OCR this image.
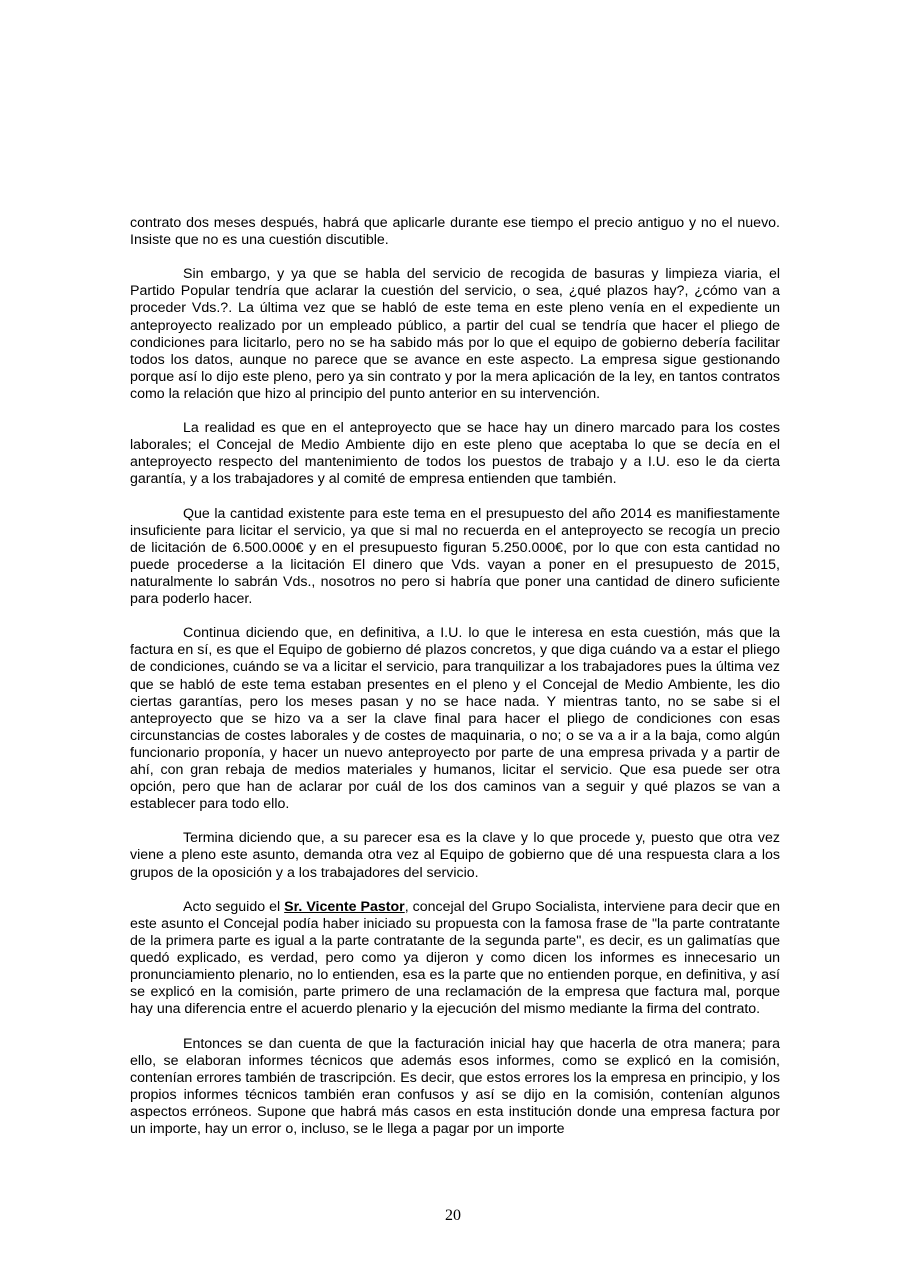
contrato dos meses después, habrá que aplicarle durante ese tiempo el precio antiguo y no el nuevo. Insiste que no es una cuestión discutible.

Sin embargo, y ya que se habla del servicio de recogida de basuras y limpieza viaria, el Partido Popular tendría que aclarar la cuestión del servicio, o sea, ¿qué plazos hay?, ¿cómo van a proceder Vds.?. La última vez que se habló de este tema en este pleno venía en el expediente un anteproyecto realizado por un empleado público, a partir del cual se tendría que hacer el pliego de condiciones para licitarlo, pero no se ha sabido más por lo que el equipo de gobierno debería facilitar todos los datos, aunque no parece que se avance en este aspecto. La empresa sigue gestionando porque así lo dijo este pleno, pero ya sin contrato y por la mera aplicación de la ley, en tantos contratos como la relación que hizo al principio del punto anterior en su intervención.

La realidad es que en el anteproyecto que se hace hay un dinero marcado para los costes laborales; el Concejal de Medio Ambiente dijo en este pleno que aceptaba lo que se decía en el anteproyecto respecto del mantenimiento de todos los puestos de trabajo y a I.U. eso le da cierta garantía, y a los trabajadores y al comité de empresa entienden que también.

Que la cantidad existente para este tema en el presupuesto del año 2014 es manifiestamente insuficiente para licitar el servicio, ya que si mal no recuerda en el anteproyecto se recogía un precio de licitación de 6.500.000€ y en el presupuesto figuran 5.250.000€, por lo que con esta cantidad no puede procederse a la licitación El dinero que Vds. vayan a poner en el presupuesto de 2015, naturalmente lo sabrán Vds., nosotros no pero si habría que poner una cantidad de dinero suficiente para poderlo hacer.

Continua diciendo que, en definitiva, a I.U. lo que le interesa en esta cuestión, más que la factura en sí, es que el Equipo de gobierno dé plazos concretos, y que diga cuándo va a estar el pliego de condiciones, cuándo se va a licitar el servicio, para tranquilizar a los trabajadores pues la última vez que se habló de este tema estaban presentes en el pleno y el Concejal de Medio Ambiente, les dio ciertas garantías, pero los meses pasan y no se hace nada. Y mientras tanto, no se sabe si el anteproyecto que se hizo va a ser la clave final para hacer el pliego de condiciones con esas circunstancias de costes laborales y de costes de maquinaria, o no; o se va a ir a la baja, como algún funcionario proponía, y hacer un nuevo anteproyecto por parte de una empresa privada y a partir de ahí, con gran rebaja de medios materiales y humanos, licitar el servicio. Que esa puede ser otra opción, pero que han de aclarar por cuál de los dos caminos van a seguir y qué plazos se van a establecer para todo ello.

Termina diciendo que, a su parecer esa es la clave y lo que procede y, puesto que otra vez viene a pleno este asunto, demanda otra vez al Equipo de gobierno que dé una respuesta clara a los grupos de la oposición y a los trabajadores del servicio.

Acto seguido el Sr. Vicente Pastor, concejal del Grupo Socialista, interviene para decir que en este asunto el Concejal podía haber iniciado su propuesta con la famosa frase de "la parte contratante de la primera parte es igual a la parte contratante de la segunda parte", es decir, es un galimatías que quedó explicado, es verdad, pero como ya dijeron y como dicen los informes es innecesario un pronunciamiento plenario, no lo entienden, esa es la parte que no entienden porque, en definitiva, y así se explicó en la comisión, parte primero de una reclamación de la empresa que factura mal, porque hay una diferencia entre el acuerdo plenario y la ejecución del mismo mediante la firma del contrato.

Entonces se dan cuenta de que la facturación inicial hay que hacerla de otra manera; para ello, se elaboran informes técnicos que además esos informes, como se explicó en la comisión, contenían errores también de trascripción. Es decir, que estos errores los la empresa en principio, y los propios informes técnicos también eran confusos y así se dijo en la comisión, contenían algunos aspectos erróneos. Supone que habrá más casos en esta institución donde una empresa factura por un importe, hay un error o, incluso, se le llega a pagar por un importe

20
